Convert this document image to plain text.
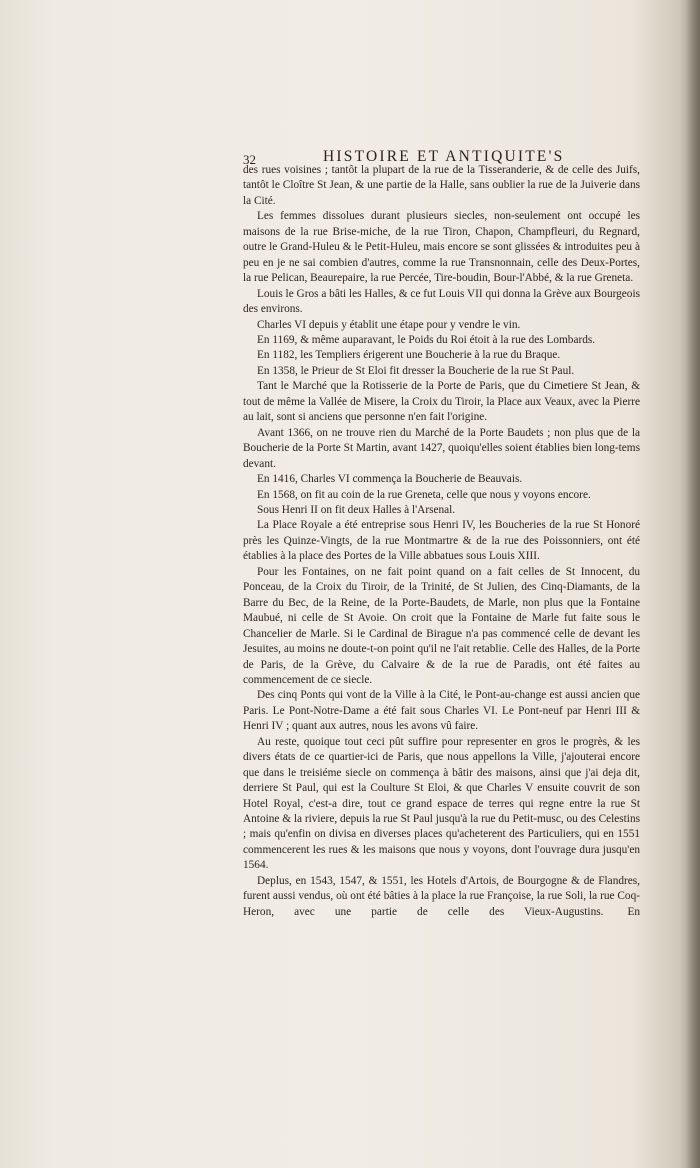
32	HISTOIRE ET ANTIQUITE'S

des rues voisines ; tantôt la plupart de la rue de la Tisseranderie, & de celle des Juifs, tantôt le Cloître St Jean, & une partie de la Halle, sans oublier la rue de la Juiverie dans la Cité.

Les femmes dissolues durant plusieurs siecles, non-seulement ont occupé les maisons de la rue Brise-miche, de la rue Tiron, Chapon, Champfleuri, du Regnard, outre le Grand-Huleu & le Petit-Huleu, mais encore se sont glissées & introduites peu à peu en je ne sai combien d'autres, comme la rue Transnonnain, celle des Deux-Portes, la rue Pelican, Beaurepaire, la rue Percée, Tire-boudin, Bour-l'Abbé, & la rue Greneta.

Louis le Gros a bâti les Halles, & ce fut Louis VII qui donna la Grève aux Bourgeois des environs.

Charles VI depuis y établit une étape pour y vendre le vin.

En 1169, & même auparavant, le Poids du Roi étoit à la rue des Lombards.

En 1182, les Templiers érigerent une Boucherie à la rue du Braque.

En 1358, le Prieur de St Eloi fit dresser la Boucherie de la rue St Paul.

Tant le Marché que la Rotisserie de la Porte de Paris, que du Cimetiere St Jean, & tout de même la Vallée de Misere, la Croix du Tiroir, la Place aux Veaux, avec la Pierre au lait, sont si anciens que personne n'en fait l'origine.

Avant 1366, on ne trouve rien du Marché de la Porte Baudets ; non plus que de la Boucherie de la Porte St Martin, avant 1427, quoiqu'elles soient établies bien long-tems devant.

En 1416, Charles VI commença la Boucherie de Beauvais.

En 1568, on fit au coin de la rue Greneta, celle que nous y voyons encore.

Sous Henri II on fit deux Halles à l'Arsenal.

La Place Royale a été entreprise sous Henri IV, les Boucheries de la rue St Honoré près les Quinze-Vingts, de la rue Montmartre & de la rue des Poissonniers, ont été établies à la place des Portes de la Ville abbatues sous Louis XIII.

Pour les Fontaines, on ne fait point quand on a fait celles de St Innocent, du Ponceau, de la Croix du Tiroir, de la Trinité, de St Julien, des Cinq-Diamants, de la Barre du Bec, de la Reine, de la Porte-Baudets, de Marle, non plus que la Fontaine Maubué, ni celle de St Avoie. On croit que la Fontaine de Marle fut faite sous le Chancelier de Marle. Si le Cardinal de Birague n'a pas commencé celle de devant les Jesuites, au moins ne doute-t-on point qu'il ne l'ait retablie. Celle des Halles, de la Porte de Paris, de la Grève, du Calvaire & de la rue de Paradis, ont été faites au commencement de ce siecle.

Des cinq Ponts qui vont de la Ville à la Cité, le Pont-au-change est aussi ancien que Paris. Le Pont-Notre-Dame a été fait sous Charles VI. Le Pont-neuf par Henri III & Henri IV ; quant aux autres, nous les avons vû faire.

Au reste, quoique tout ceci pût suffire pour representer en gros le progrès, & les divers états de ce quartier-ici de Paris, que nous appellons la Ville, j'ajouterai encore que dans le treisiéme siecle on commença à bâtir des maisons, ainsi que j'ai deja dit, derriere St Paul, qui est la Coulture St Eloi, & que Charles V ensuite couvrit de son Hotel Royal, c'est-a dire, tout ce grand espace de terres qui regne entre la rue St Antoine & la riviere, depuis la rue St Paul jusqu'à la rue du Petit-musc, ou des Celestins ; mais qu'enfin on divisa en diverses places qu'acheterent des Particuliers, qui en 1551 commencerent les rues & les maisons que nous y voyons, dont l'ouvrage dura jusqu'en 1564.

Deplus, en 1543, 1547, & 1551, les Hotels d'Artois, de Bourgogne & de Flandres, furent aussi vendus, où ont été bâties à la place la rue Françoise, la rue Soli, la rue Coq-Heron, avec une partie de celle des Vieux-Augustins.	En
